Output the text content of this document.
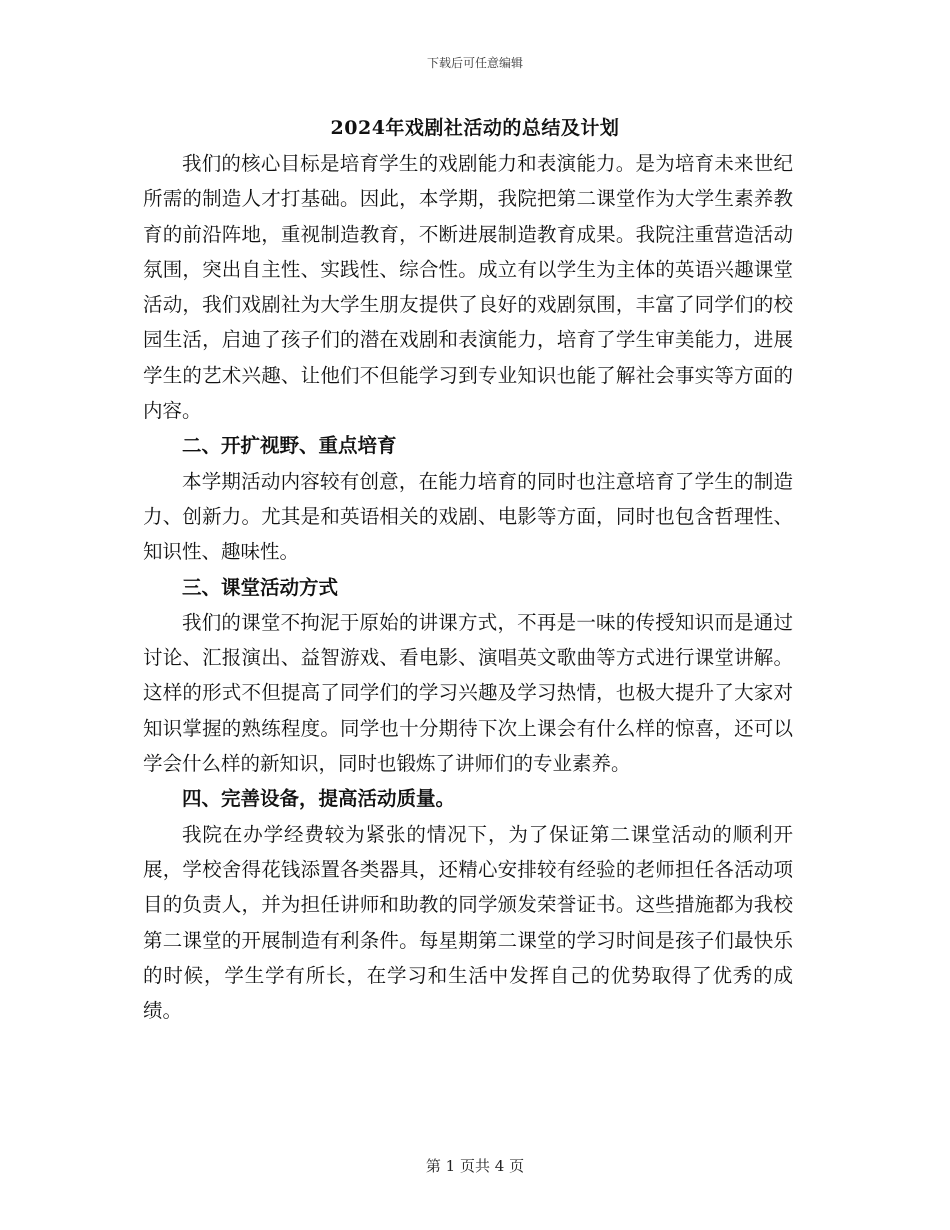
下载后可任意编辑
2024年戏剧社活动的总结及计划

我们的核心目标是培育学生的戏剧能力和表演能力。是为培育未来世纪所需的制造人才打基础。因此，本学期，我院把第二课堂作为大学生素养教育的前沿阵地，重视制造教育，不断进展制造教育成果。我院注重营造活动氛围，突出自主性、实践性、综合性。成立有以学生为主体的英语兴趣课堂活动，我们戏剧社为大学生朋友提供了良好的戏剧氛围，丰富了同学们的校园生活，启迪了孩子们的潜在戏剧和表演能力，培育了学生审美能力，进展学生的艺术兴趣、让他们不但能学习到专业知识也能了解社会事实等方面的内容。

二、开扩视野、重点培育

本学期活动内容较有创意，在能力培育的同时也注意培育了学生的制造力、创新力。尤其是和英语相关的戏剧、电影等方面，同时也包含哲理性、知识性、趣味性。

三、课堂活动方式

我们的课堂不拘泥于原始的讲课方式，不再是一味的传授知识而是通过讨论、汇报演出、益智游戏、看电影、演唱英文歌曲等方式进行课堂讲解。这样的形式不但提高了同学们的学习兴趣及学习热情，也极大提升了大家对知识掌握的熟练程度。同学也十分期待下次上课会有什么样的惊喜，还可以学会什么样的新知识，同时也锻炼了讲师们的专业素养。

四、完善设备，提高活动质量。

我院在办学经费较为紧张的情况下，为了保证第二课堂活动的顺利开展，学校舍得花钱添置各类器具，还精心安排较有经验的老师担任各活动项目的负责人，并为担任讲师和助教的同学颁发荣誉证书。这些措施都为我校第二课堂的开展制造有利条件。每星期第二课堂的学习时间是孩子们最快乐的时候，学生学有所长，在学习和生活中发挥自己的优势取得了优秀的成绩。

第 1 页共 4 页
